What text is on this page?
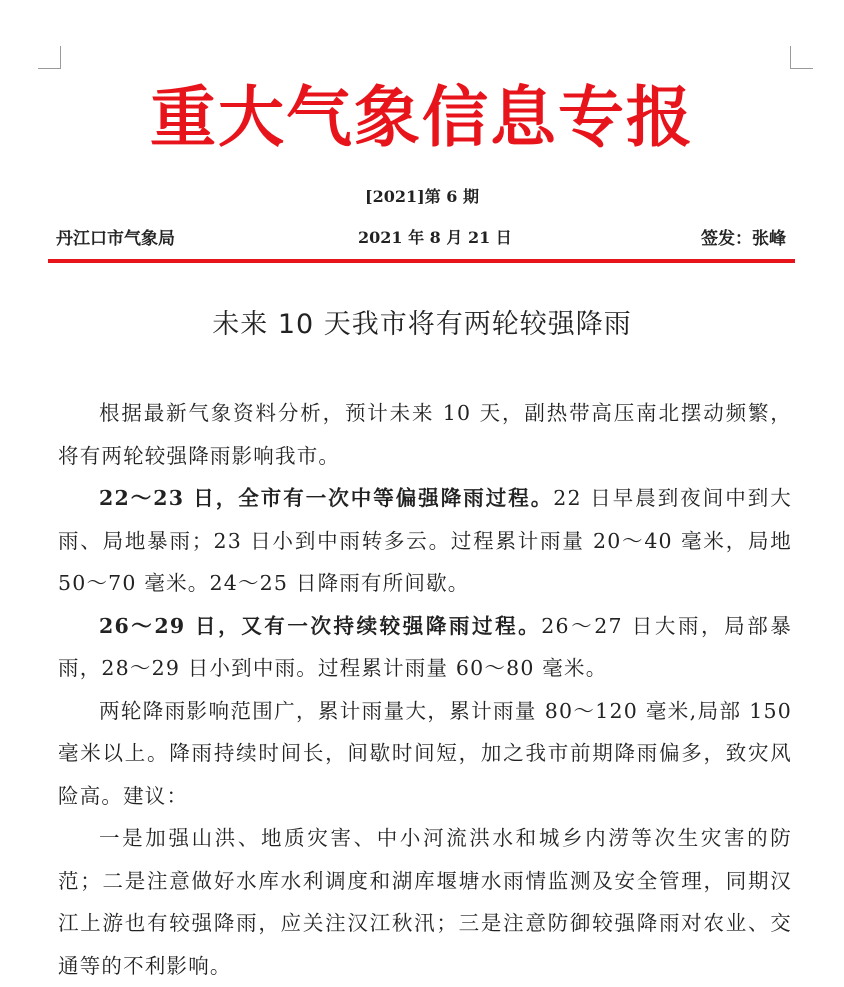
重大气象信息专报
[2021]第 6 期
丹江口市气象局	2021 年 8 月 21 日	签发：张峰
未来 10 天我市将有两轮较强降雨

根据最新气象资料分析，预计未来 10 天，副热带高压南北摆动频繁，将有两轮较强降雨影响我市。

22～23 日，全市有一次中等偏强降雨过程。22 日早晨到夜间中到大雨、局地暴雨；23 日小到中雨转多云。过程累计雨量 20～40 毫米，局地 50～70 毫米。24～25 日降雨有所间歇。

26～29 日，又有一次持续较强降雨过程。26～27 日大雨，局部暴雨，28～29 日小到中雨。过程累计雨量 60～80 毫米。

两轮降雨影响范围广，累计雨量大，累计雨量 80～120 毫米,局部 150 毫米以上。降雨持续时间长，间歇时间短，加之我市前期降雨偏多，致灾风险高。建议：

一是加强山洪、地质灾害、中小河流洪水和城乡内涝等次生灾害的防范；二是注意做好水库水利调度和湖库堰塘水雨情监测及安全管理，同期汉江上游也有较强降雨，应关注汉江秋汛；三是注意防御较强降雨对农业、交通等的不利影响。
